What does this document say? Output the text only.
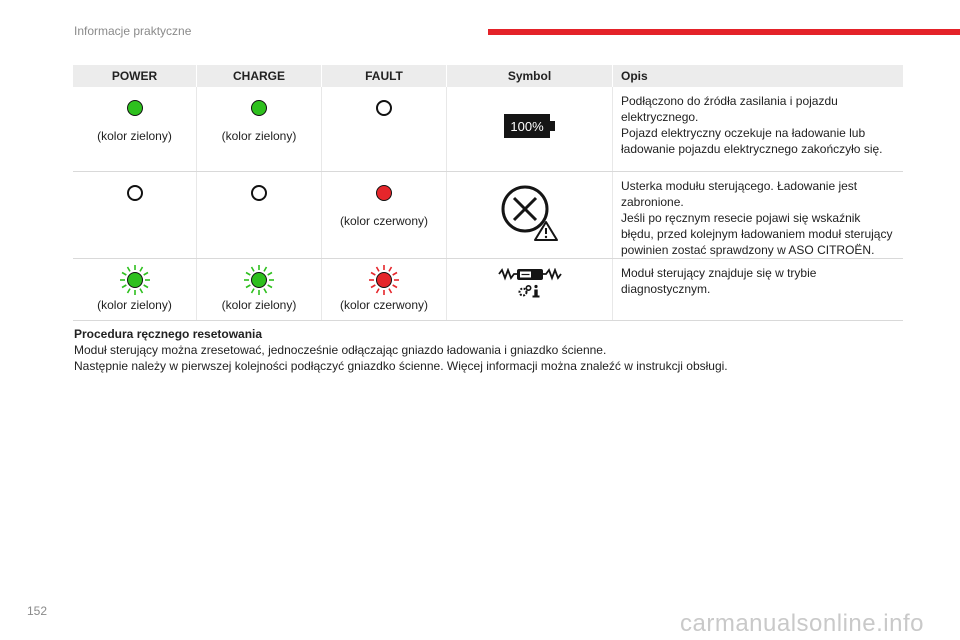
Informacje praktyczne
POWER	CHARGE	FAULT	Symbol	Opis

(kolor zielony)	(kolor zielony)		100%	Podłączono do źródła zasilania i pojazdu
elektrycznego.
Pojazd elektryczny oczekuje na ładowanie lub
ładowanie pojazdu elektrycznego zakończyło się.

		(kolor czerwony)		Usterka modułu sterującego. Ładowanie jest
zabronione.
Jeśli po ręcznym resecie pojawi się wskaźnik
błędu, przed kolejnym ładowaniem moduł sterujący
powinien zostać sprawdzony w ASO CITROËN.

(kolor zielony)	(kolor zielony)	(kolor czerwony)		Moduł sterujący znajduje się w trybie
diagnostycznym.
Procedura ręcznego resetowania
Moduł sterujący można zresetować, jednocześnie odłączając gniazdo ładowania i gniazdko ścienne.
Następnie należy w pierwszej kolejności podłączyć gniazdko ścienne. Więcej informacji można znaleźć w instrukcji obsługi.
152	carmanualsonline.info
